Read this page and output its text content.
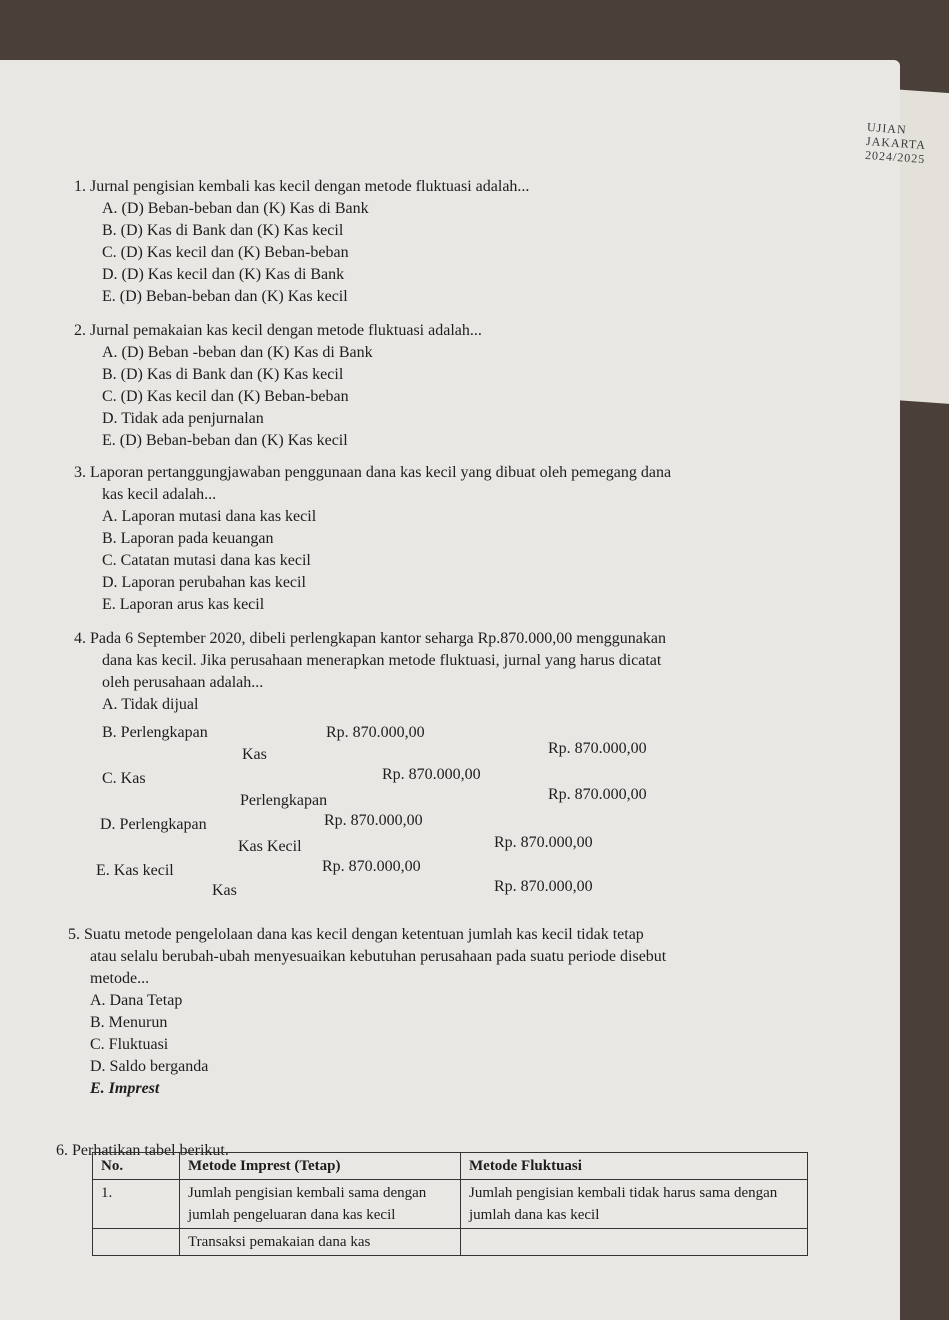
UJIAN
JAKARTA
2024/2025
1. Jurnal pengisian kembali kas kecil dengan metode fluktuasi adalah...
A. (D) Beban-beban dan (K) Kas di Bank
B. (D) Kas di Bank dan (K) Kas kecil
C. (D) Kas kecil dan (K) Beban-beban
D. (D) Kas kecil dan (K) Kas di Bank
E. (D) Beban-beban dan (K) Kas kecil
2. Jurnal pemakaian kas kecil dengan metode fluktuasi adalah...
A. (D) Beban -beban dan (K) Kas di Bank
B. (D) Kas di Bank dan (K) Kas kecil
C. (D) Kas kecil dan (K) Beban-beban
D. Tidak ada penjurnalan
E. (D) Beban-beban dan (K) Kas kecil
3. Laporan pertanggungjawaban penggunaan dana kas kecil yang dibuat oleh pemegang dana
kas kecil adalah...
A. Laporan mutasi dana kas kecil
B. Laporan pada keuangan
C. Catatan mutasi dana kas kecil
D. Laporan perubahan kas kecil
E. Laporan arus kas kecil
4. Pada 6 September 2020, dibeli perlengkapan kantor seharga Rp.870.000,00 menggunakan
dana kas kecil. Jika perusahaan menerapkan metode fluktuasi, jurnal yang harus dicatat
oleh perusahaan adalah...
A. Tidak dijual
B. Perlengkapan	Rp. 870.000,00
Kas	Rp. 870.000,00
C. Kas	Rp. 870.000,00
Perlengkapan	Rp. 870.000,00
D. Perlengkapan	Rp. 870.000,00
Kas Kecil	Rp. 870.000,00
E. Kas kecil	Rp. 870.000,00
Kas	Rp. 870.000,00
5. Suatu metode pengelolaan dana kas kecil dengan ketentuan jumlah kas kecil tidak tetap
atau selalu berubah-ubah menyesuaikan kebutuhan perusahaan pada suatu periode disebut
metode...
A. Dana Tetap
B. Menurun
C. Fluktuasi
D. Saldo berganda
E. Imprest
6. Perhatikan tabel berikut.
No.	Metode Imprest (Tetap)	Metode Fluktuasi
1.	Jumlah pengisian kembali sama dengan jumlah pengeluaran dana kas kecil	Jumlah pengisian kembali tidak harus sama dengan jumlah dana kas kecil
	Transaksi pemakaian dana kas	
